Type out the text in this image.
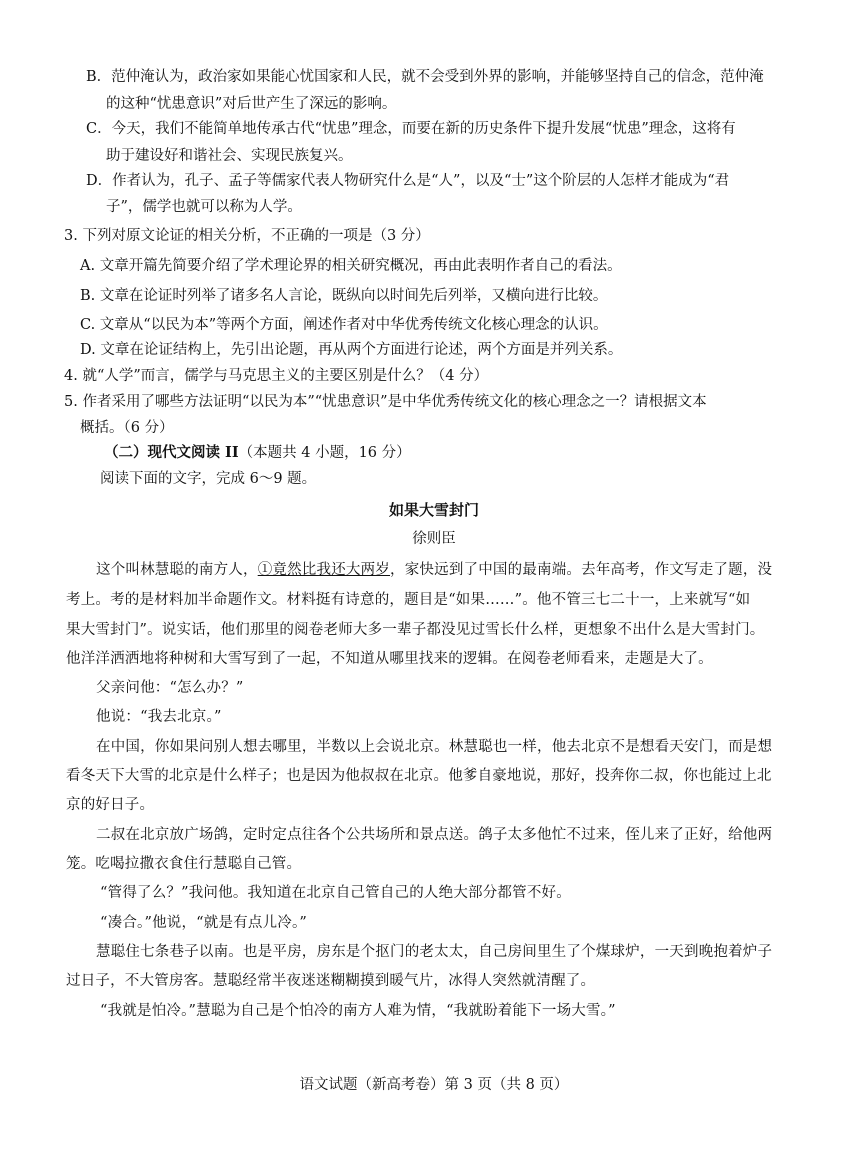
B．范仲淹认为，政治家如果能心忧国家和人民，就不会受到外界的影响，并能够坚持自己的信念，范仲淹
的这种“忧患意识”对后世产生了深远的影响。
C．今天，我们不能简单地传承古代“忧患”理念，而要在新的历史条件下提升发展“忧患”理念，这将有
助于建设好和谐社会、实现民族复兴。
D．作者认为，孔子、孟子等儒家代表人物研究什么是“人”，以及“士”这个阶层的人怎样才能成为“君
子”，儒学也就可以称为人学。
3. 下列对原文论证的相关分析，不正确的一项是（3 分）
A. 文章开篇先简要介绍了学术理论界的相关研究概况，再由此表明作者自己的看法。
B. 文章在论证时列举了诸多名人言论，既纵向以时间先后列举，又横向进行比较。
C. 文章从“以民为本”等两个方面，阐述作者对中华优秀传统文化核心理念的认识。
D. 文章在论证结构上，先引出论题，再从两个方面进行论述，两个方面是并列关系。
4. 就“人学”而言，儒学与马克思主义的主要区别是什么？（4 分）
5. 作者采用了哪些方法证明“以民为本”“忧患意识”是中华优秀传统文化的核心理念之一？请根据文本
概括。（6 分）
（二）现代文阅读 II（本题共 4 小题，16 分）
阅读下面的文字，完成 6～9 题。
如果大雪封门
徐则臣
这个叫林慧聪的南方人，①竟然比我还大两岁，家快远到了中国的最南端。去年高考，作文写走了题，没
考上。考的是材料加半命题作文。材料挺有诗意的，题目是“如果……”。他不管三七二十一，上来就写“如
果大雪封门”。说实话，他们那里的阅卷老师大多一辈子都没见过雪长什么样，更想象不出什么是大雪封门。
他洋洋洒洒地将种树和大雪写到了一起，不知道从哪里找来的逻辑。在阅卷老师看来，走题是大了。
父亲问他：“怎么办？”
他说：“我去北京。”
在中国，你如果问别人想去哪里，半数以上会说北京。林慧聪也一样，他去北京不是想看天安门，而是想
看冬天下大雪的北京是什么样子；也是因为他叔叔在北京。他爹自豪地说，那好，投奔你二叔，你也能过上北
京的好日子。
二叔在北京放广场鸽，定时定点往各个公共场所和景点送。鸽子太多他忙不过来，侄儿来了正好，给他两
笼。吃喝拉撒衣食住行慧聪自己管。
“管得了么？”我问他。我知道在北京自己管自己的人绝大部分都管不好。
“凑合。”他说，“就是有点儿冷。”
慧聪住七条巷子以南。也是平房，房东是个抠门的老太太，自己房间里生了个煤球炉，一天到晚抱着炉子
过日子，不大管房客。慧聪经常半夜迷迷糊糊摸到暖气片，冰得人突然就清醒了。
“我就是怕冷。”慧聪为自己是个怕冷的南方人难为情，“我就盼着能下一场大雪。”
语文试题（新高考卷）第 3 页（共 8 页）
